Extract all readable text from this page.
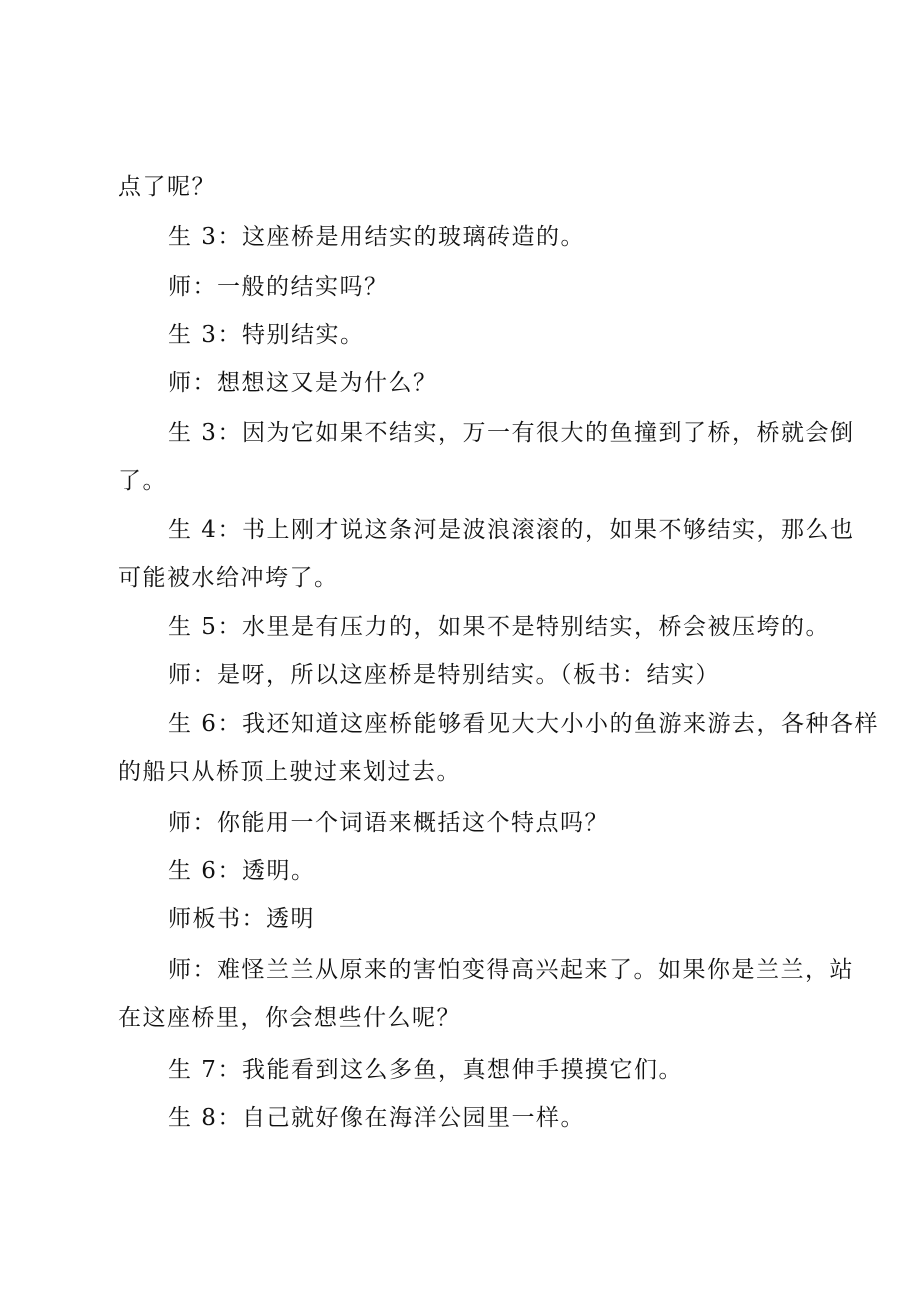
点了呢？
生 3：这座桥是用结实的玻璃砖造的。
师：一般的结实吗？
生 3：特别结实。
师：想想这又是为什么？
生 3：因为它如果不结实，万一有很大的鱼撞到了桥，桥就会倒
了。
生 4：书上刚才说这条河是波浪滚滚的，如果不够结实，那么也
可能被水给冲垮了。
生 5：水里是有压力的，如果不是特别结实，桥会被压垮的。
师：是呀，所以这座桥是特别结实。（板书：结实）
生 6：我还知道这座桥能够看见大大小小的鱼游来游去，各种各样
的船只从桥顶上驶过来划过去。
师：你能用一个词语来概括这个特点吗？
生 6：透明。
师板书：透明
师：难怪兰兰从原来的害怕变得高兴起来了。如果你是兰兰，站
在这座桥里，你会想些什么呢？
生 7：我能看到这么多鱼，真想伸手摸摸它们。
生 8：自己就好像在海洋公园里一样。
